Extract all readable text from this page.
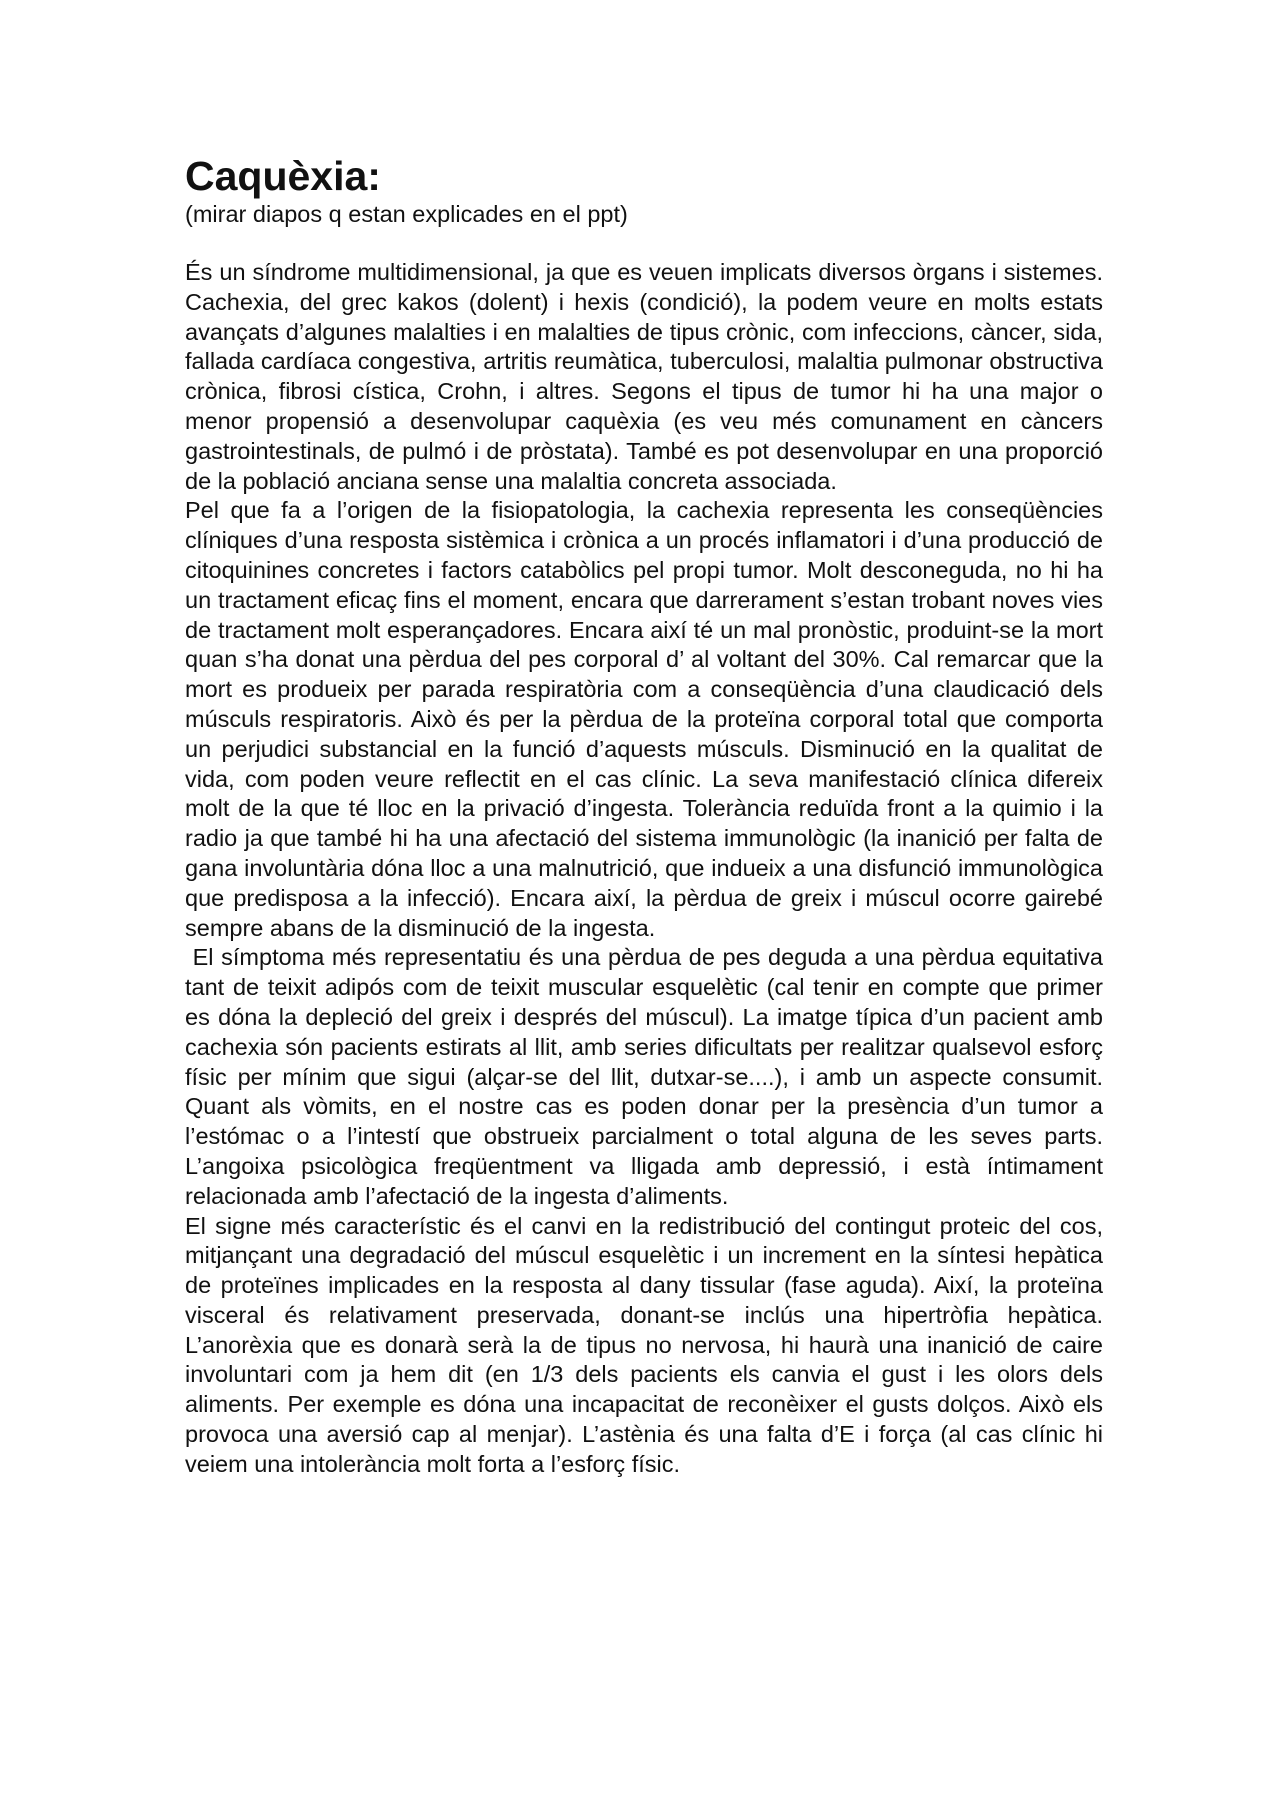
Caquèxia:

(mirar diapos q estan explicades en el ppt)

És un síndrome multidimensional, ja que es veuen implicats diversos òrgans i sistemes. Cachexia, del grec kakos (dolent) i hexis (condició), la podem veure en molts estats avançats d’algunes malalties i en malalties de tipus crònic, com infeccions, càncer, sida, fallada cardíaca congestiva, artritis reumàtica, tuberculosi, malaltia pulmonar obstructiva crònica, fibrosi cística, Crohn, i altres. Segons el tipus de tumor hi ha una major o menor propensió a desenvolupar caquèxia (es veu més comunament en càncers gastrointestinals, de pulmó i de pròstata). També es pot desenvolupar en una proporció de la població anciana sense una malaltia concreta associada.

Pel que fa a l’origen de la fisiopatologia, la cachexia representa les conseqüències clíniques d’una resposta sistèmica i crònica a un procés inflamatori i d’una producció de citoquinines concretes i factors catabòlics pel propi tumor. Molt desconeguda, no hi ha un tractament eficaç fins el moment, encara que darrerament s’estan trobant noves vies de tractament molt esperançadores. Encara així té un mal pronòstic, produint-se la mort quan s’ha donat una pèrdua del pes corporal d’ al voltant del 30%. Cal remarcar que la mort es produeix per parada respiratòria com a conseqüència d’una claudicació dels músculs respiratoris. Això és per la pèrdua de la proteïna corporal total que comporta un perjudici substancial en la funció d’aquests músculs. Disminució en la qualitat de vida, com poden veure reflectit en el cas clínic. La seva manifestació clínica difereix molt de la que té lloc en la privació d’ingesta. Tolerància reduïda front a la quimio i la radio ja que també hi ha una afectació del sistema immunològic (la inanició per falta de gana involuntària dóna lloc a una malnutrició, que indueix a una disfunció immunològica que predisposa a la infecció). Encara així, la pèrdua de greix i múscul ocorre gairebé sempre abans de la disminució de la ingesta.

El símptoma més representatiu és una pèrdua de pes deguda a una pèrdua equitativa tant de teixit adipós com de teixit muscular esquelètic (cal tenir en compte que primer es dóna la depleció del greix i després del múscul). La imatge típica d’un pacient amb cachexia són pacients estirats al llit, amb series dificultats per realitzar qualsevol esforç físic per mínim que sigui (alçar-se del llit, dutxar-se....), i amb un aspecte consumit. Quant als vòmits, en el nostre cas es poden donar per la presència d’un tumor a l’estómac o a l’intestí que obstrueix parcialment o total alguna de les seves parts. L’angoixa psicològica freqüentment va lligada amb depressió, i està íntimament relacionada amb l’afectació de la ingesta d’aliments.

El signe més característic és el canvi en la redistribució del contingut proteic del cos, mitjançant una degradació del múscul esquelètic i un increment en la síntesi hepàtica de proteïnes implicades en la resposta al dany tissular (fase aguda). Així, la proteïna visceral és relativament preservada, donant-se inclús una hipertròfia hepàtica. L’anorèxia que es donarà serà la de tipus no nervosa, hi haurà una inanició de caire involuntari com ja hem dit (en 1/3 dels pacients els canvia el gust i les olors dels aliments. Per exemple es dóna una incapacitat de reconèixer el gusts dolços. Això els provoca una aversió cap al menjar). L’astènia és una falta d’E i força (al cas clínic hi veiem una intolerància molt forta a l’esforç físic.
